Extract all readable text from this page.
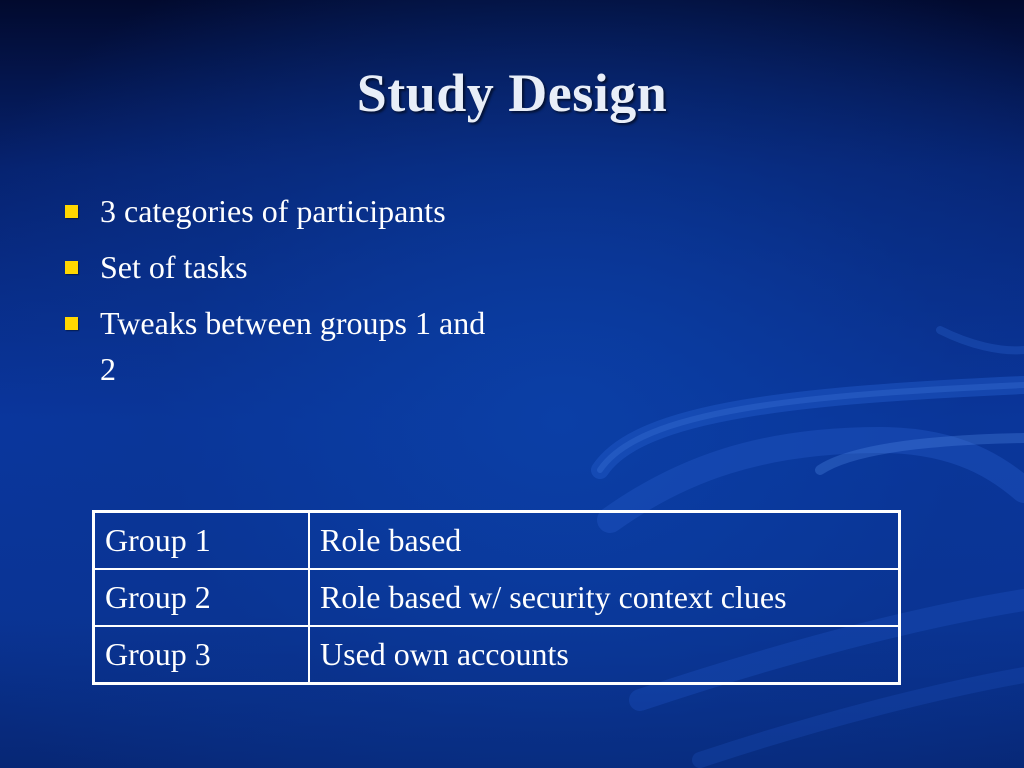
Study Design
3 categories of participants
Set of tasks
Tweaks between groups 1 and 2
Group 1	Role based
Group 2	Role based w/ security context clues
Group 3	Used own accounts
